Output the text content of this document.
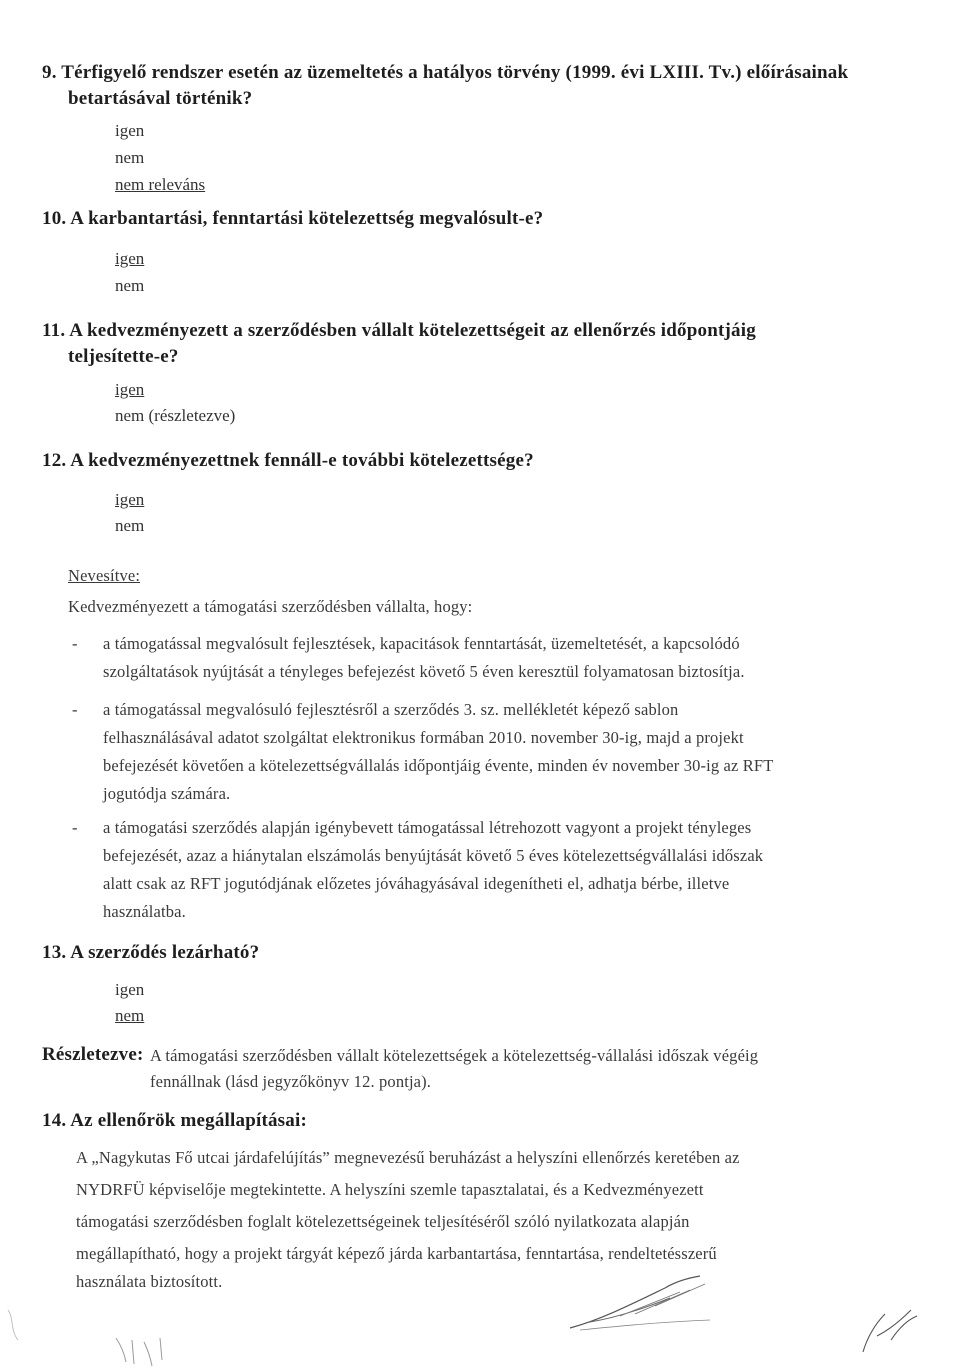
9. Térfigyelő rendszer esetén az üzemeltetés a hatályos törvény (1999. évi LXIII. Tv.) előírásainak
betartásával történik?
igen
nem
nem releváns
10. A karbantartási, fenntartási kötelezettség megvalósult-e?
igen
nem
11. A kedvezményezett a szerződésben vállalt kötelezettségeit az ellenőrzés időpontjáig
teljesítette-e?
igen
nem (részletezve)
12. A kedvezményezettnek fennáll-e további kötelezettsége?
igen
nem
Nevesítve:
Kedvezményezett a támogatási szerződésben vállalta, hogy:
- a támogatással megvalósult fejlesztések, kapacitások fenntartását, üzemeltetését, a kapcsolódó
szolgáltatások nyújtását a tényleges befejezést követő 5 éven keresztül folyamatosan biztosítja.
- a támogatással megvalósuló fejlesztésről a szerződés 3. sz. mellékletét képező sablon
felhasználásával adatot szolgáltat elektronikus formában 2010. november 30-ig, majd a projekt
befejezését követően a kötelezettségvállalás időpontjáig évente, minden év november 30-ig az RFT
jogutódja számára.
- a támogatási szerződés alapján igénybevett támogatással létrehozott vagyont a projekt tényleges
befejezését, azaz a hiánytalan elszámolás benyújtását követő 5 éves kötelezettségvállalási időszak
alatt csak az RFT jogutódjának előzetes jóváhagyásával idegenítheti el, adhatja bérbe, illetve
használatba.
13. A szerződés lezárható?
igen
nem
Részletezve: A támogatási szerződésben vállalt kötelezettségek a kötelezettség-vállalási időszak végéig
fennállnak (lásd jegyzőkönyv 12. pontja).
14. Az ellenőrök megállapításai:
A „Nagykutas Fő utcai járdafelújítás” megnevezésű beruházást a helyszíni ellenőrzés keretében az
NYDRFÜ képviselője megtekintette. A helyszíni szemle tapasztalatai, és a Kedvezményezett
támogatási szerződésben foglalt kötelezettségeinek teljesítéséről szóló nyilatkozata alapján
megállapítható, hogy a projekt tárgyát képező járda karbantartása, fenntartása, rendeltetésszerű
használata biztosított.
